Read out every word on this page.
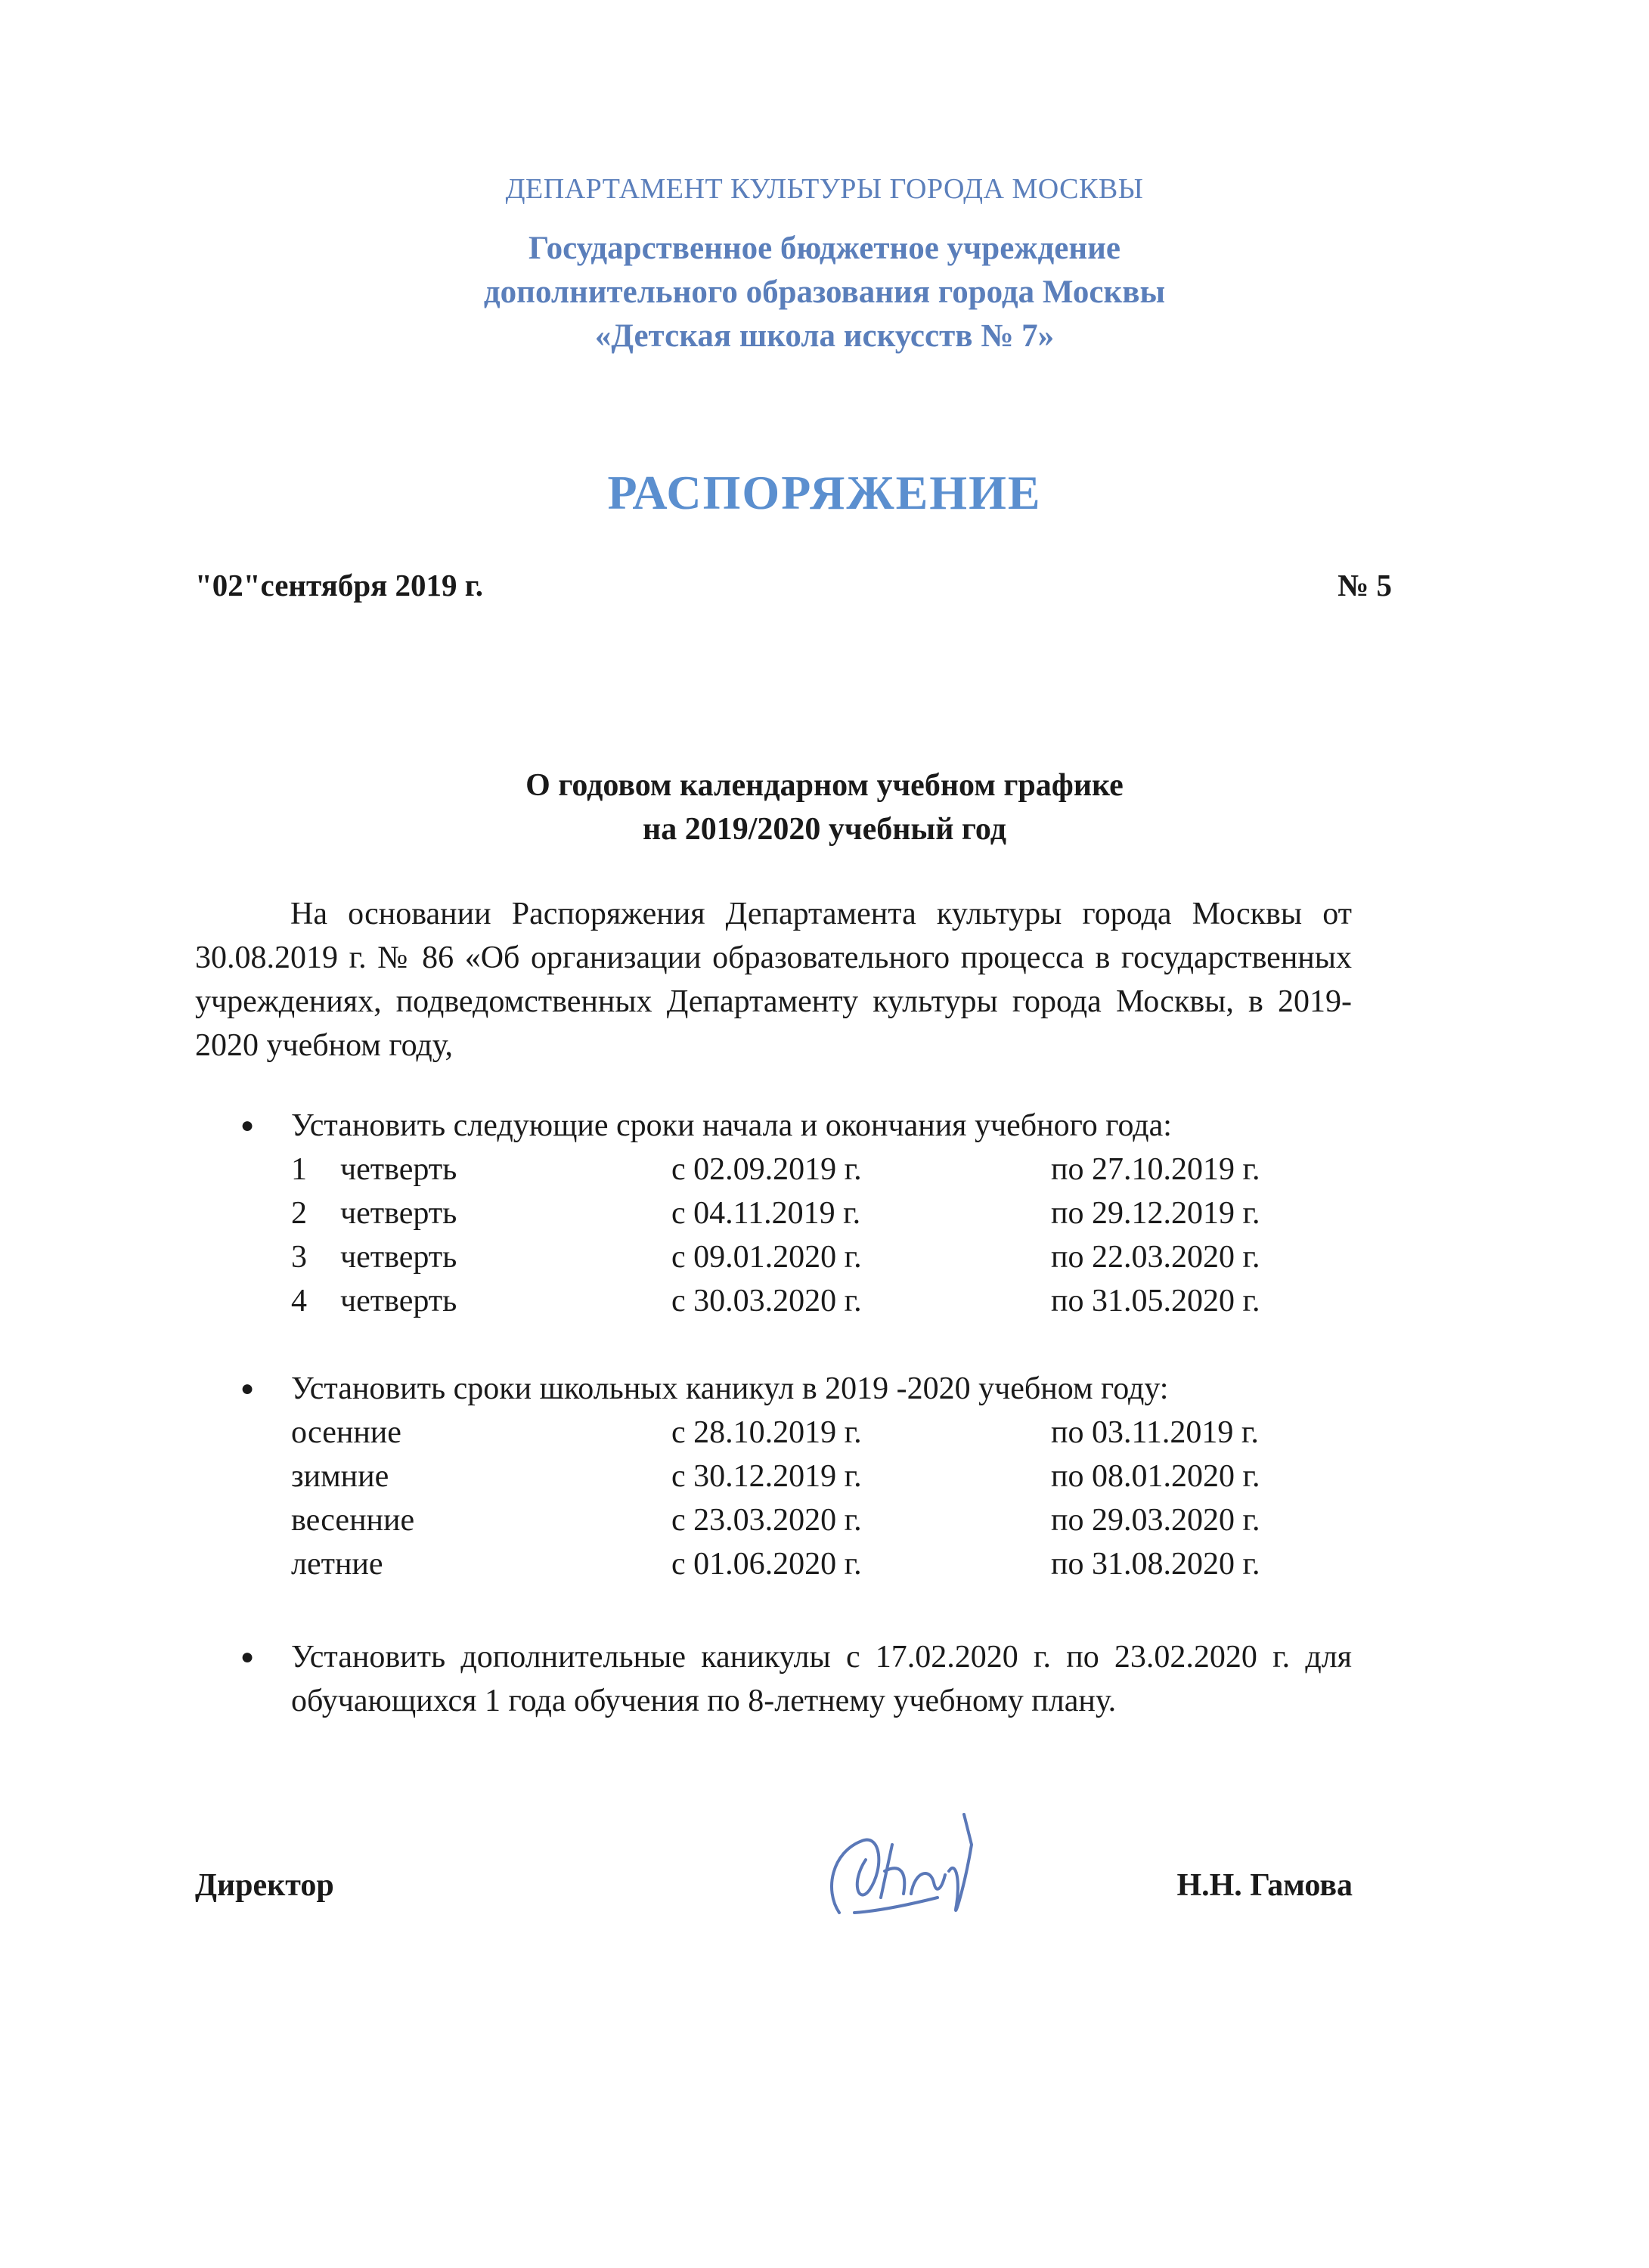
ДЕПАРТАМЕНТ КУЛЬТУРЫ ГОРОДА МОСКВЫ
Государственное бюджетное учреждение
дополнительного образования города Москвы
«Детская школа искусств № 7»
РАСПОРЯЖЕНИЕ
"02"сентября 2019 г.	№ 5
О годовом календарном учебном графике
на 2019/2020 учебный год
На основании Распоряжения Департамента культуры города Москвы от 30.08.2019 г. № 86 «Об организации образовательного процесса в государственных учреждениях, подведомственных Департаменту культуры города Москвы, в 2019-2020 учебном году,
● Установить следующие сроки начала и окончания учебного года:
1 четверть	с 02.09.2019 г.	по 27.10.2019 г.
2 четверть	с 04.11.2019 г.	по 29.12.2019 г.
3 четверть	с 09.01.2020 г.	по 22.03.2020 г.
4 четверть	с 30.03.2020 г.	по 31.05.2020 г.
● Установить сроки школьных каникул в 2019 -2020 учебном году:
осенние	с 28.10.2019 г.	по 03.11.2019 г.
зимние	с 30.12.2019 г.	по 08.01.2020 г.
весенние	с 23.03.2020 г.	по 29.03.2020 г.
летние	с 01.06.2020 г.	по 31.08.2020 г.
● Установить дополнительные каникулы с 17.02.2020 г. по 23.02.2020 г. для обучающихся 1 года обучения по 8-летнему учебному плану.
Директор	Н.Н. Гамова
